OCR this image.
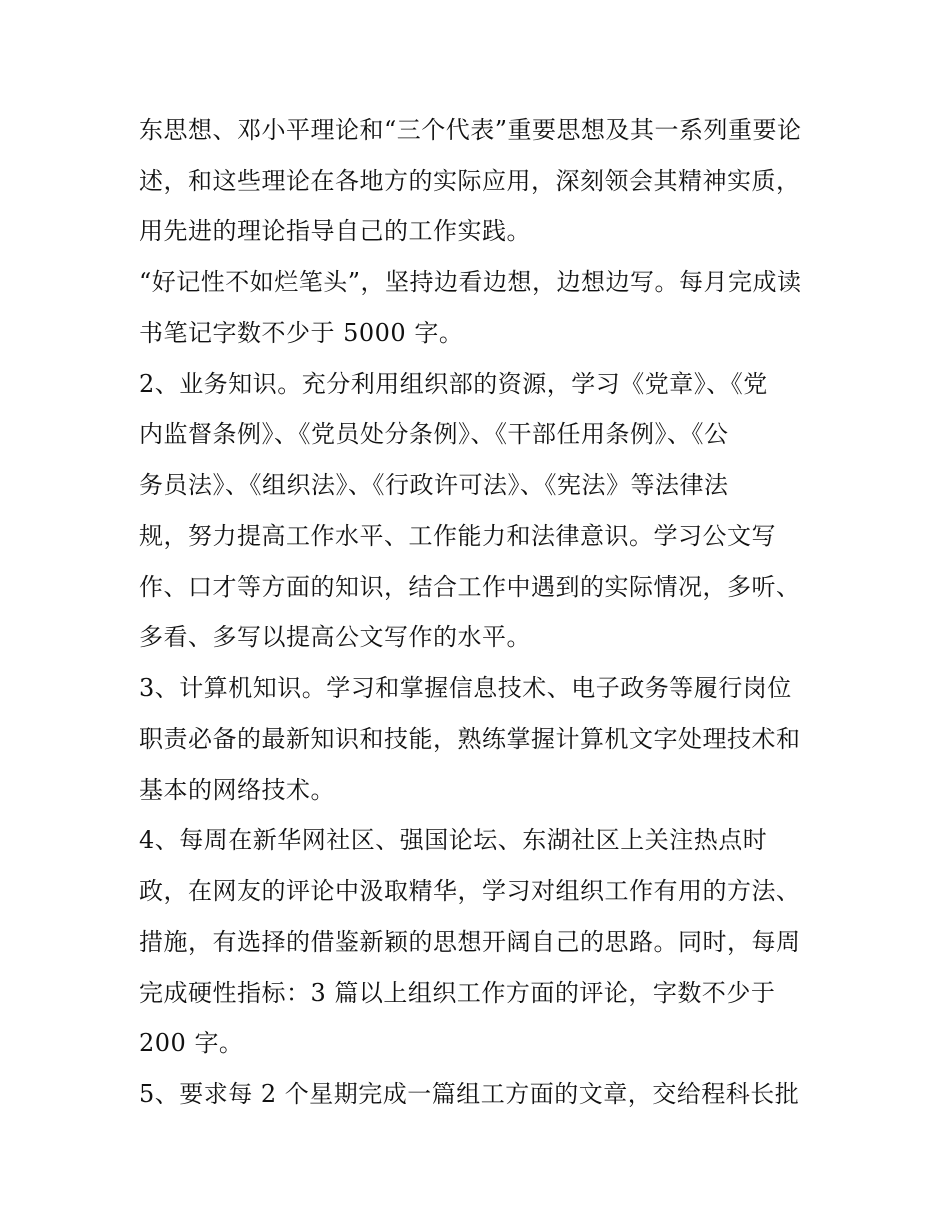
东思想、邓小平理论和“三个代表”重要思想及其一系列重要论
述，和这些理论在各地方的实际应用，深刻领会其精神实质，
用先进的理论指导自己的工作实践。
“好记性不如烂笔头”，坚持边看边想，边想边写。每月完成读
书笔记字数不少于 5000 字。
2、业务知识。充分利用组织部的资源，学习《党章》、《党
内监督条例》、《党员处分条例》、《干部任用条例》、《公
务员法》、《组织法》、《行政许可法》、《宪法》等法律法
规，努力提高工作水平、工作能力和法律意识。学习公文写
作、口才等方面的知识，结合工作中遇到的实际情况，多听、
多看、多写以提高公文写作的水平。
3、计算机知识。学习和掌握信息技术、电子政务等履行岗位
职责必备的最新知识和技能，熟练掌握计算机文字处理技术和
基本的网络技术。
4、每周在新华网社区、强国论坛、东湖社区上关注热点时
政，在网友的评论中汲取精华，学习对组织工作有用的方法、
措施，有选择的借鉴新颖的思想开阔自己的思路。同时，每周
完成硬性指标：3 篇以上组织工作方面的评论，字数不少于
200 字。
5、要求每 2 个星期完成一篇组工方面的文章，交给程科长批
